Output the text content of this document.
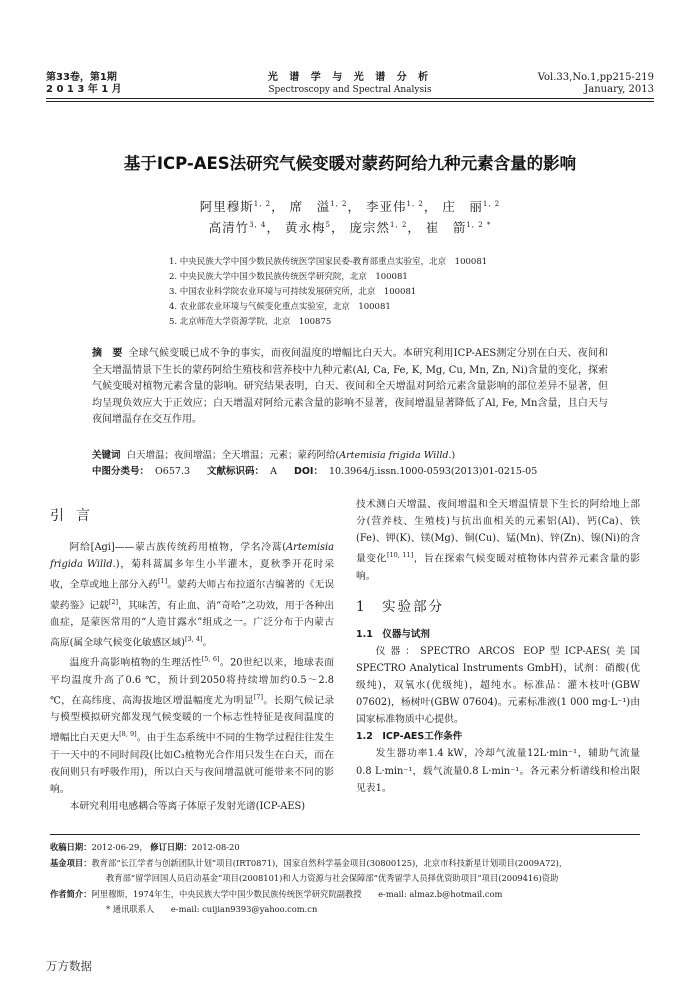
第33卷，第1期
2 0 1 3 年 1 月
光 谱 学 与 光 谱 分 析
Spectroscopy and Spectral Analysis
Vol.33,No.1,pp215-219
January, 2013
基于ICP-AES法研究气候变暖对蒙药阿给九种元素含量的影响
阿里穆斯$^{1, 2}$， 席　溢$^{1, 2}$， 李亚伟$^{1, 2}$， 庄　丽$^{1, 2}$
高清竹$^{3, 4}$， 黄永梅$^5$， 庞宗然$^{1, 2}$， 崔　箭$^{1, 2 *}$
1. 中央民族大学中国少数民族传统医学国家民委-教育部重点实验室，北京　100081
2. 中央民族大学中国少数民族传统医学研究院，北京　100081
3. 中国农业科学院农业环境与可持续发展研究所，北京　100081
4. 农业部农业环境与气候变化重点实验室，北京　100081
5. 北京师范大学资源学院，北京　100875
摘　要 全球气候变暖已成不争的事实，而夜间温度的增幅比白天大。本研究利用ICP-AES测定分别在白天、夜间和全天增温情景下生长的蒙药阿给生殖枝和营养枝中九种元素(Al, Ca, Fe, K, Mg, Cu, Mn, Zn, Ni)含量的变化，探索气候变暖对植物元素含量的影响。研究结果表明，白天、夜间和全天增温对阿给元素含量影响的部位差异不显著，但均呈现负效应大于正效应；白天增温对阿给元素含量的影响不显著，夜间增温显著降低了Al, Fe, Mn含量，且白天与夜间增温存在交互作用。
关键词 白天增温；夜间增温；全天增温；元素；蒙药阿给(Artemisia frigida Willd.)
中图分类号： O657.3 文献标识码： A DOI： 10.3964/j.issn.1000-0593(2013)01-0215-05
引言

阿给[Agi]——蒙古族传统药用植物，学名冷蒿(Artemisia frigida Willd.)，菊科蒿属多年生小半灌木，夏秋季开花时采收，全草或地上部分入药[1]。蒙药大师占布拉道尔吉编著的《无误蒙药鉴》记载[2]，其味苦，有止血、消“奇哈”之功效，用于各种出血症，是蒙医常用的“人造甘露水”组成之一。广泛分布于内蒙古高原(属全球气候变化敏感区域)[3, 4]。

温度升高影响植物的生理活性[5, 6]。20世纪以来，地球表面平均温度升高了0.6 ℃，预计到2050将持续增加约0.5～2.8 ℃，在高纬度、高海拔地区增温幅度尤为明显[7]。长期气候记录与模型模拟研究都发现气候变暖的一个标志性特征是夜间温度的增幅比白天更大[8, 9]。由于生态系统中不同的生物学过程往往发生于一天中的不同时间段(比如C₃植物光合作用只发生在白天，而在夜间则只有呼吸作用)，所以白天与夜间增温就可能带来不同的影响。

本研究利用电感耦合等离子体原子发射光谱(ICP-AES)

技术测白天增温、夜间增温和全天增温情景下生长的阿给地上部分(营养枝、生殖枝)与抗出血相关的元素铝(Al)、钙(Ca)、铁(Fe)、钾(K)、镁(Mg)、铜(Cu)、锰(Mn)、锌(Zn)、镍(Ni)的含量变化[10, 11]，旨在探索气候变暖对植物体内营养元素含量的影响。

1　实验部分
1.1　仪器与试剂

仪器：SPECTRO ARCOS EOP型ICP-AES(美国SPECTRO Analytical Instruments GmbH)，试剂：硝酸(优级纯)，双氧水(优级纯)，超纯水。标准品：灌木枝叶(GBW 07602)，杨树叶(GBW 07604)。元素标准液(1 000 mg·L⁻¹)由国家标准物质中心提供。

1.2　ICP-AES工作条件

发生器功率1.4 kW，冷却气流量12L·min⁻¹，辅助气流量0.8 L·min⁻¹，载气流量0.8 L·min⁻¹。各元素分析谱线和检出限见表1。

收稿日期：2012-06-29， 修订日期：2012-08-20
基金项目：教育部“长江学者与创新团队计划”项目(IRT0871)，国家自然科学基金项目(30800125)，北京市科技新星计划项目(2009A72)，
教育部“留学回国人员启动基金”项目(2008101)和人力资源与社会保障部“优秀留学人员择优资助项目”项目(2009416)资助
作者简介：阿里穆斯，1974年生，中央民族大学中国少数民族传统医学研究院副教授　　e-mail: almaz.b@hotmail.com
* 通讯联系人　　e-mail: cuijian9393@yahoo.com.cn
万方数据
